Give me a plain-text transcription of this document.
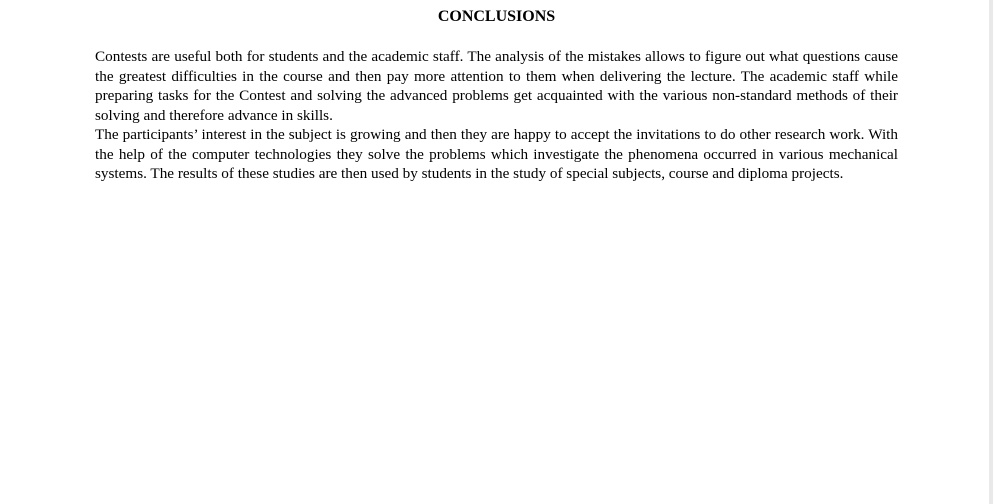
CONCLUSIONS

Contests are useful both for students and the academic staff. The analysis of the mistakes allows to figure out what questions cause the greatest difficulties in the course and then pay more attention to them when delivering the lecture. The academic staff while preparing tasks for the Contest and solving the advanced problems get acquainted with the various non-standard methods of their solving and therefore advance in skills.

The participants’ interest in the subject is growing and then they are happy to accept the invitations to do other research work. With the help of the computer technologies they solve the problems which investigate the phenomena occurred in various mechanical systems. The results of these studies are then used by students in the study of special subjects, course and diploma projects.
